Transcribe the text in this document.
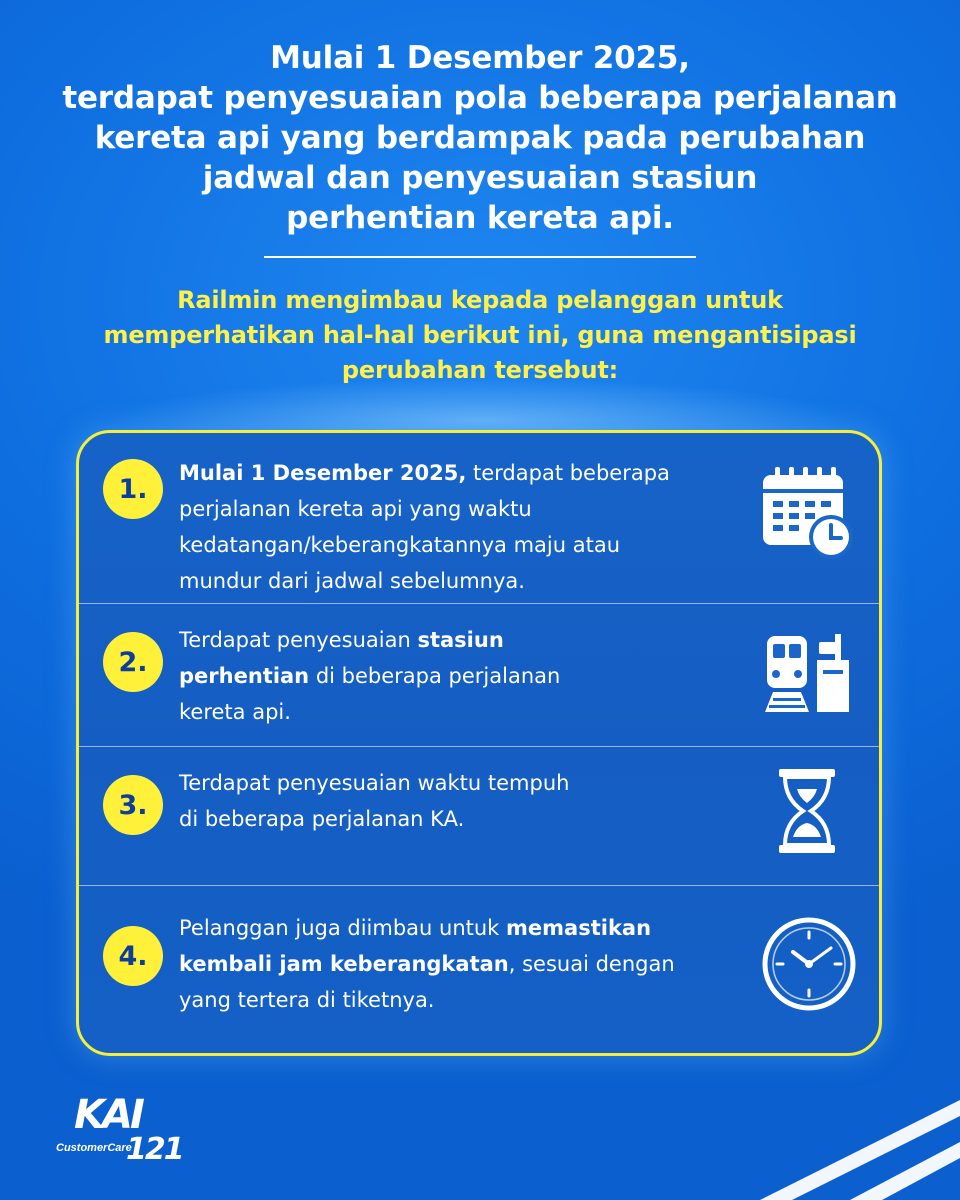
Mulai 1 Desember 2025,
terdapat penyesuaian pola beberapa perjalanan
kereta api yang berdampak pada perubahan
jadwal dan penyesuaian stasiun
perhentian kereta api.
Railmin mengimbau kepada pelanggan untuk
memperhatikan hal-hal berikut ini, guna mengantisipasi
perubahan tersebut:
1.
Mulai 1 Desember 2025, terdapat beberapa
perjalanan kereta api yang waktu
kedatangan/keberangkatannya maju atau
mundur dari jadwal sebelumnya.
2.
Terdapat penyesuaian stasiun
perhentian di beberapa perjalanan
kereta api.
3.
Terdapat penyesuaian waktu tempuh
di beberapa perjalanan KA.
4.
Pelanggan juga diimbau untuk memastikan
kembali jam keberangkatan, sesuai dengan
yang tertera di tiketnya.
KAI
CustomerCare
121
